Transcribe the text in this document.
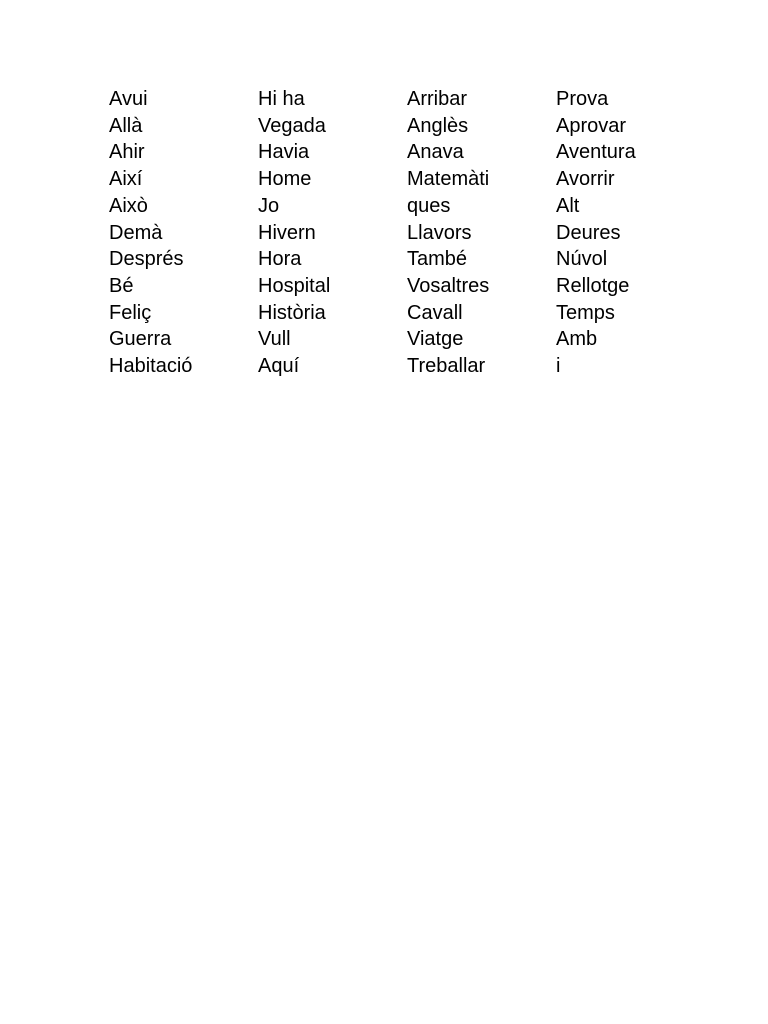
Avui
Allà
Ahir
Així
Això
Demà
Després
Bé
Feliç
Guerra
Habitació
Hi ha
Vegada
Havia
Home
Jo
Hivern
Hora
Hospital
Història
Vull
Aquí
Arribar
Anglès
Anava
Matemàti
ques
Llavors
També
Vosaltres
Cavall
Viatge
Treballar
Prova
Aprovar
Aventura
Avorrir
Alt
Deures
Núvol
Rellotge
Temps
Amb
i
